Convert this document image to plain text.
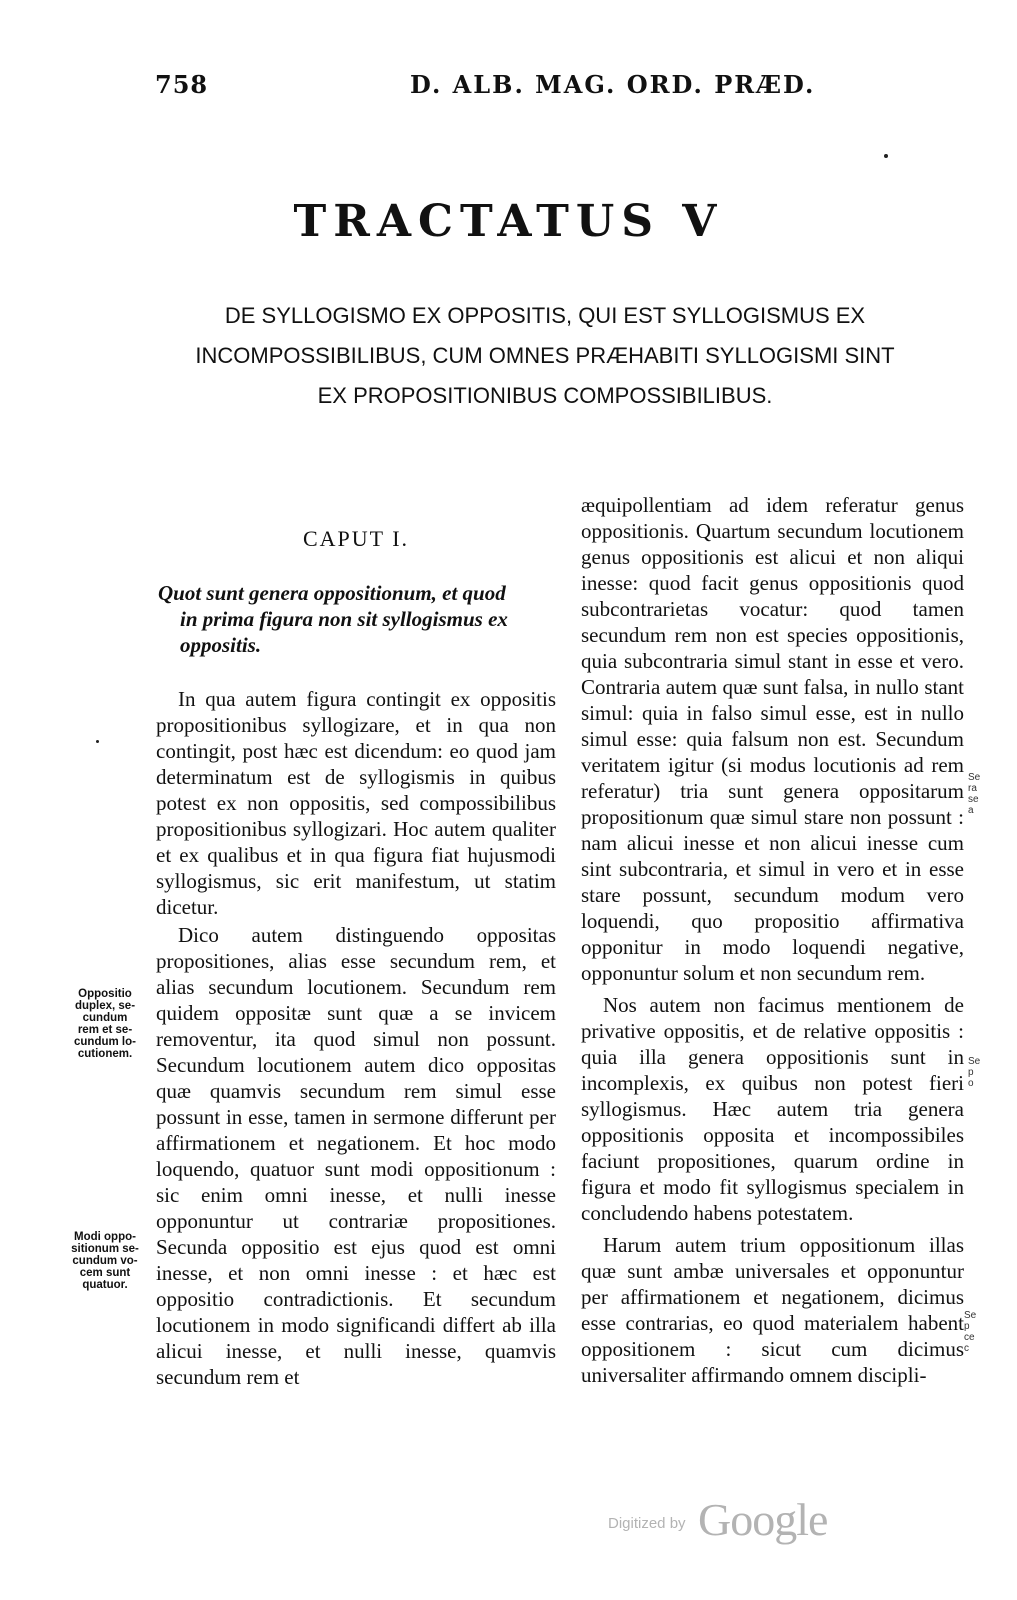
758	D. ALB. MAG. ORD. PRÆD.
TRACTATUS V
DE SYLLOGISMO EX OPPOSITIS, QUI EST SYLLOGISMUS EX
INCOMPOSSIBILIBUS, CUM OMNES PRÆHABITI SYLLOGISMI SINT
EX PROPOSITIONIBUS COMPOSSIBILIBUS.
CAPUT I.
Quot sunt genera oppositionum, et quod
in prima figura non sit syllogismus ex
oppositis.

In qua autem figura contingit ex oppositis propositionibus syllogizare, et in qua non contingit, post hæc est dicendum: eo quod jam determinatum est de syllogismis in quibus potest ex non oppositis, sed compossibilibus propositionibus syllogizari. Hoc autem qualiter et ex qualibus et in qua figura fiat hujusmodi syllogismus, sic erit manifestum, ut statim dicetur.

Dico autem distinguendo oppositas propositiones, alias esse secundum rem, et alias secundum locutionem. Secundum rem quidem oppositæ sunt quæ a se invicem removentur, ita quod simul non possunt. Secundum locutionem autem dico oppositas quæ quamvis secundum rem simul esse possunt in esse, tamen in sermone differunt per affirmationem et negationem. Et hoc modo loquendo, quatuor sunt modi oppositionum : sic enim omni inesse, et nulli inesse opponuntur ut contrariæ propositiones. Secunda oppositio est ejus quod est omni inesse, et non omni inesse : et hæc est oppositio contradictionis. Et secundum locutionem in modo significandi differt ab illa alicui inesse, et nulli inesse, quamvis secundum rem et

Oppositio
duplex, se-
cundum
rem et se-
cundum lo-
cutionem.
Modi oppo-
sitionum se-
cundum vo-
cem sunt
quatuor.

æquipollentiam ad idem referatur genus oppositionis. Quartum secundum locutionem genus oppositionis est alicui et non aliqui inesse: quod facit genus oppositionis quod subcontrarietas vocatur: quod tamen secundum rem non est species oppositionis, quia subcontraria simul stant in esse et vero. Contraria autem quæ sunt falsa, in nullo stant simul: quia in falso simul esse, est in nullo simul esse: quia falsum non est. Secundum veritatem igitur (si modus locutionis ad rem referatur) tria sunt genera oppositarum propositionum quæ simul stare non possunt : nam alicui inesse et non alicui inesse cum sint subcontraria, et simul in vero et in esse stare possunt, secundum modum vero loquendi, quo propositio affirmativa opponitur in modo loquendi negative, opponuntur solum et non secundum rem.

Nos autem non facimus mentionem de privative oppositis, et de relative oppositis : quia illa genera oppositionis sunt in incomplexis, ex quibus non potest fieri syllogismus. Hæc autem tria genera oppositionis opposita et incompossibiles faciunt propositiones, quarum ordine in figura et modo fit syllogismus specialem in concludendo habens potestatem.

Harum autem trium oppositionum illas quæ sunt ambæ universales et opponuntur per affirmationem et negationem, dicimus esse contrarias, eo quod materialem habent oppositionem : sicut cum dicimus universaliter affirmando omnem discipli-

Se
ra
se
a
Se
p
o
Se
p
ce
c
Digitized by Google
